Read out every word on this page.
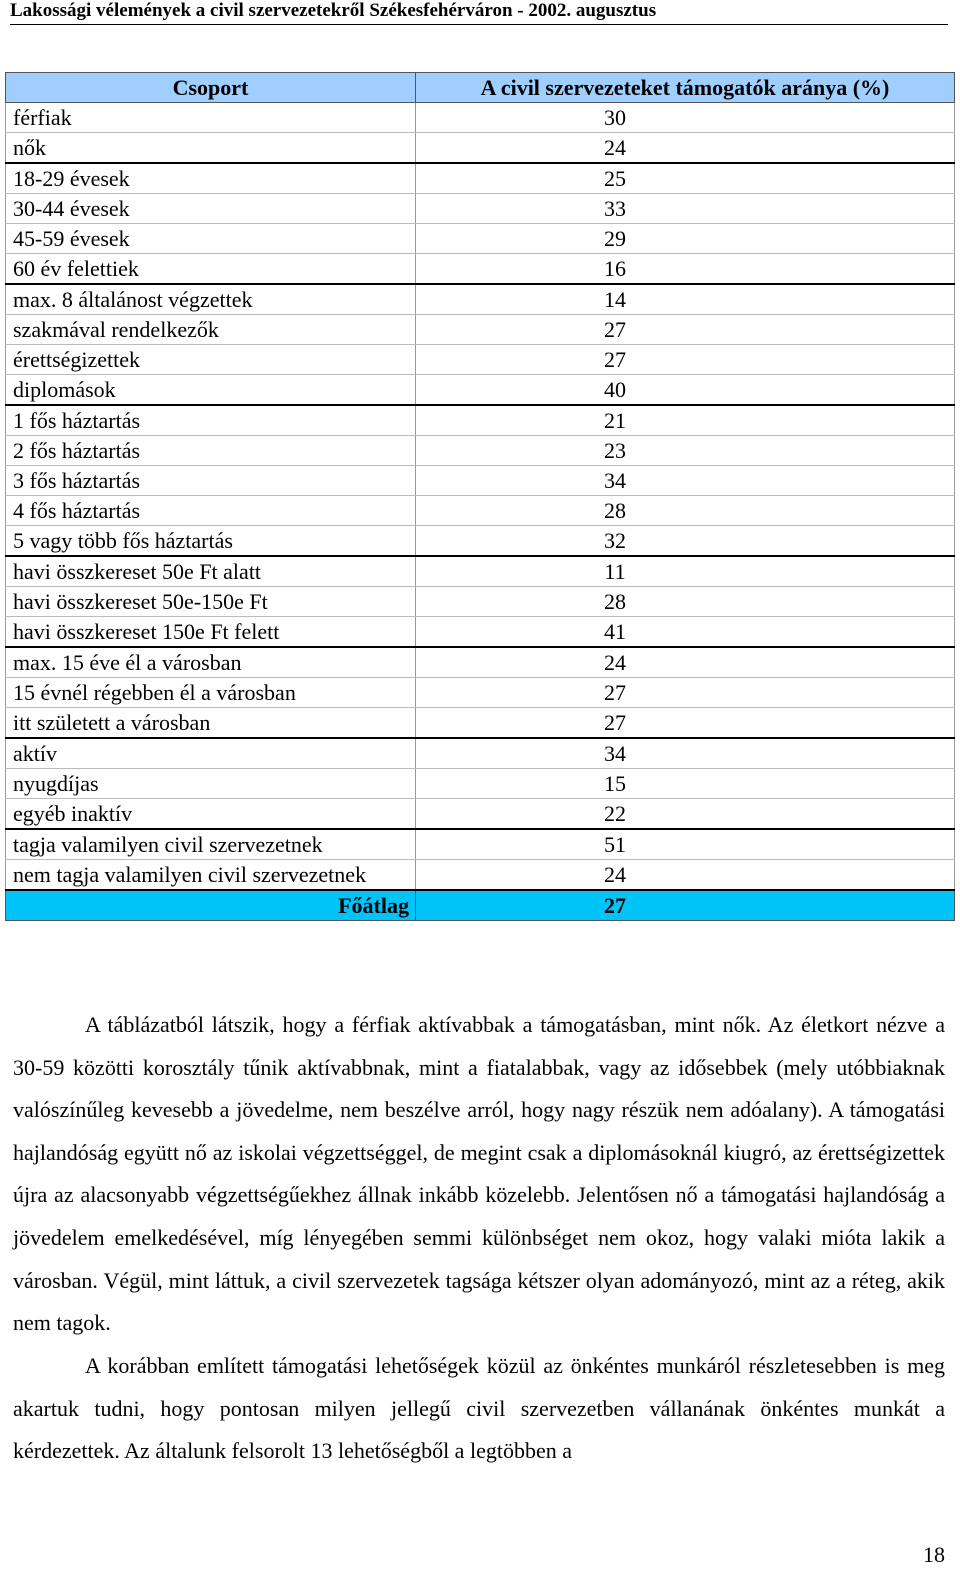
Lakossági vélemények a civil szervezetekről Székesfehérváron - 2002. augusztus
Csoport	A civil szervezeteket támogatók aránya (%)
férfiak	30
nők	24
18-29 évesek	25
30-44 évesek	33
45-59 évesek	29
60 év felettiek	16
max. 8 általánost végzettek	14
szakmával rendelkezők	27
érettségizettek	27
diplomások	40
1 fős háztartás	21
2 fős háztartás	23
3 fős háztartás	34
4 fős háztartás	28
5 vagy több fős háztartás	32
havi összkereset 50e Ft alatt	11
havi összkereset 50e-150e Ft	28
havi összkereset 150e Ft felett	41
max. 15 éve él a városban	24
15 évnél régebben él a városban	27
itt született a városban	27
aktív	34
nyugdíjas	15
egyéb inaktív	22
tagja valamilyen civil szervezetnek	51
nem tagja valamilyen civil szervezetnek	24
Főátlag	27

A táblázatból látszik, hogy a férfiak aktívabbak a támogatásban, mint nők. Az életkort nézve a 30-59 közötti korosztály tűnik aktívabbnak, mint a fiatalabbak, vagy az idősebbek (mely utóbbiaknak valószínűleg kevesebb a jövedelme, nem beszélve arról, hogy nagy részük nem adóalany). A támogatási hajlandóság együtt nő az iskolai végzettséggel, de megint csak a diplomásoknál kiugró, az érettségizettek újra az alacsonyabb végzettségűekhez állnak inkább közelebb. Jelentősen nő a támogatási hajlandóság a jövedelem emelkedésével, míg lényegében semmi különbséget nem okoz, hogy valaki mióta lakik a városban. Végül, mint láttuk, a civil szervezetek tagsága kétszer olyan adományozó, mint az a réteg, akik nem tagok.

A korábban említett támogatási lehetőségek közül az önkéntes munkáról részletesebben is meg akartuk tudni, hogy pontosan milyen jellegű civil szervezetben vállanának önkéntes munkát a kérdezettek. Az általunk felsorolt 13 lehetőségből a legtöbben a

18
